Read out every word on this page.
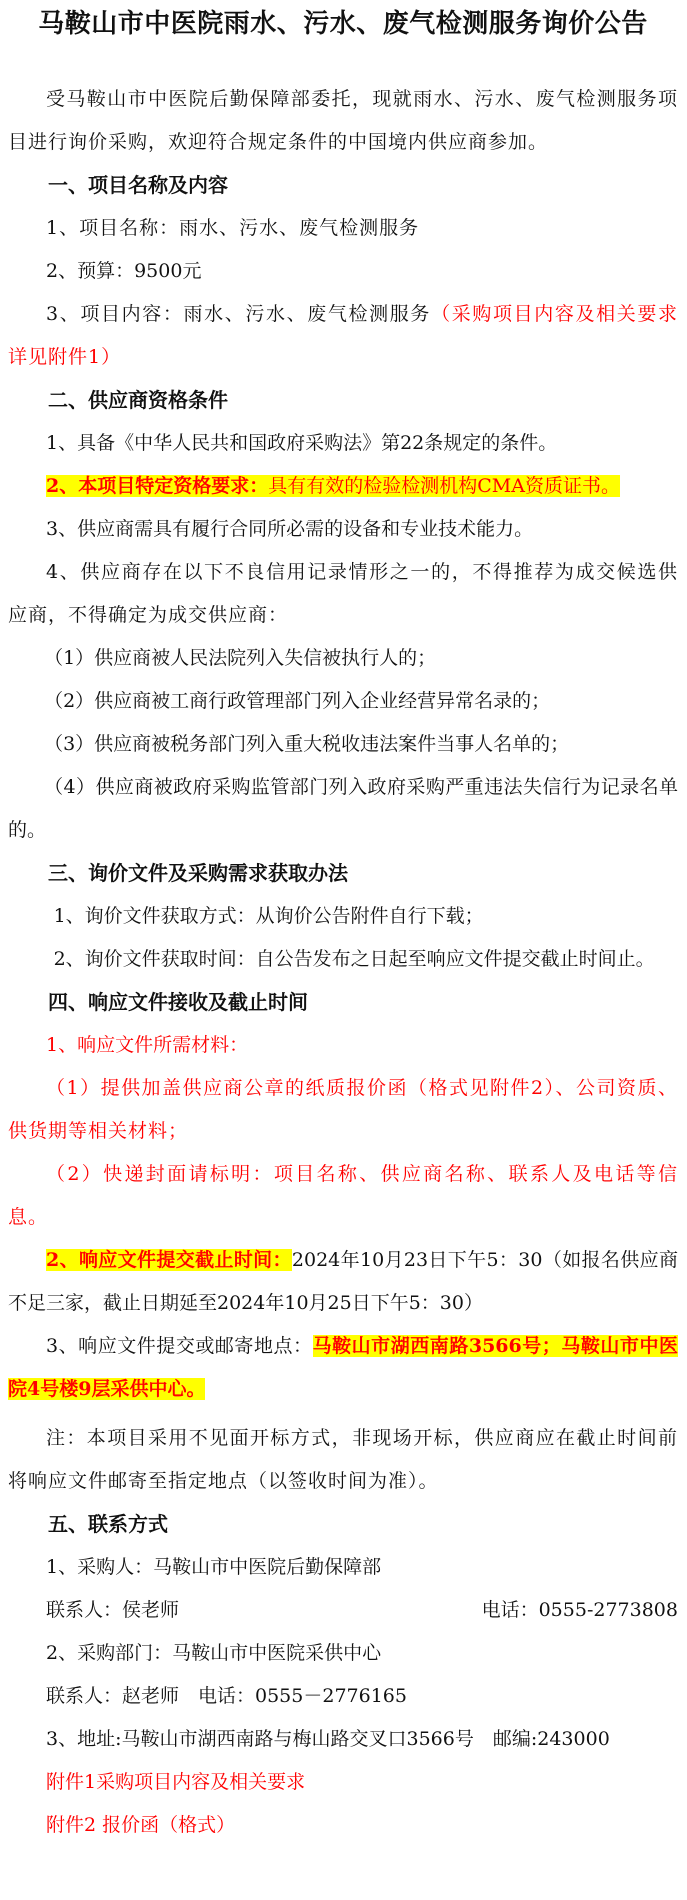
马鞍山市中医院雨水、污水、废气检测服务询价公告

受马鞍山市中医院后勤保障部委托，现就雨水、污水、废气检测服务项目进行询价采购，欢迎符合规定条件的中国境内供应商参加。

一、项目名称及内容

1、项目名称：雨水、污水、废气检测服务

2、预算：9500元

3、项目内容：雨水、污水、废气检测服务（采购项目内容及相关要求详见附件1）

二、供应商资格条件

1、具备《中华人民共和国政府采购法》第22条规定的条件。

2、本项目特定资格要求：具有有效的检验检测机构CMA资质证书。

3、供应商需具有履行合同所必需的设备和专业技术能力。

4、供应商存在以下不良信用记录情形之一的，不得推荐为成交候选供应商，不得确定为成交供应商：

（1）供应商被人民法院列入失信被执行人的；

（2）供应商被工商行政管理部门列入企业经营异常名录的；

（3）供应商被税务部门列入重大税收违法案件当事人名单的；

（4）供应商被政府采购监管部门列入政府采购严重违法失信行为记录名单的。

三、询价文件及采购需求获取办法

1、询价文件获取方式：从询价公告附件自行下载；

2、询价文件获取时间：自公告发布之日起至响应文件提交截止时间止。

四、响应文件接收及截止时间

1、响应文件所需材料：

（1）提供加盖供应商公章的纸质报价函（格式见附件2）、公司资质、供货期等相关材料；

（2）快递封面请标明：项目名称、供应商名称、联系人及电话等信息。

2、响应文件提交截止时间：2024年10月23日下午5：30（如报名供应商不足三家，截止日期延至2024年10月25日下午5：30）

3、响应文件提交或邮寄地点：马鞍山市湖西南路3566号；马鞍山市中医院4号楼9层采供中心。

注：本项目采用不见面开标方式，非现场开标，供应商应在截止时间前将响应文件邮寄至指定地点（以签收时间为准）。

五、联系方式

1、采购人：马鞍山市中医院后勤保障部

联系人：侯老师	电话：0555-2773808

2、采购部门：马鞍山市中医院采供中心

联系人：赵老师　电话：0555－2776165

3、地址:马鞍山市湖西南路与梅山路交叉口3566号　邮编:243000

附件1采购项目内容及相关要求

附件2 报价函（格式）
